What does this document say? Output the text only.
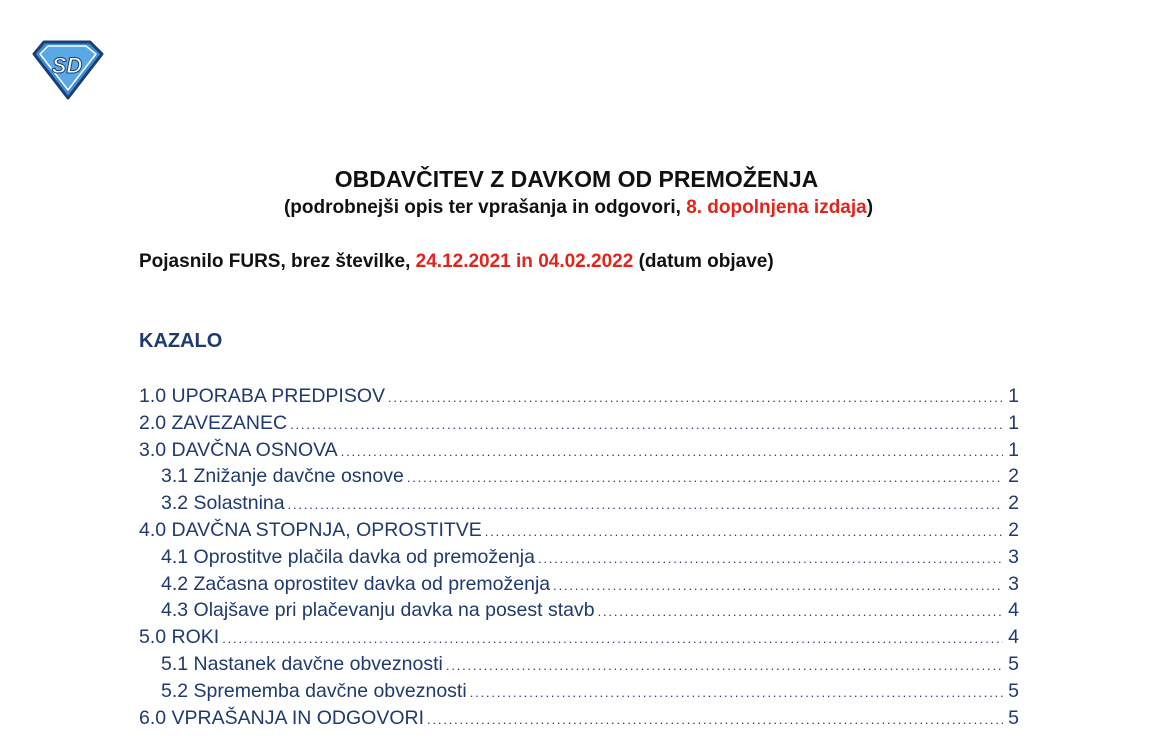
SD
OBDAVČITEV Z DAVKOM OD PREMOŽENJA
(podrobnejši opis ter vprašanja in odgovori, 8. dopolnjena izdaja)
Pojasnilo FURS, brez številke, 24.12.2021 in 04.02.2022 (datum objave)
KAZALO
1.0 UPORABA PREDPISOV .....	1
2.0 ZAVEZANEC .....	1
3.0 DAVČNA OSNOVA .....	1
3.1 Znižanje davčne osnove .....	2
3.2 Solastnina .....	2
4.0 DAVČNA STOPNJA, OPROSTITVE .....	2
4.1 Oprostitve plačila davka od premoženja .....	3
4.2 Začasna oprostitev davka od premoženja .....	3
4.3 Olajšave pri plačevanju davka na posest stavb .....	4
5.0 ROKI .....	4
5.1 Nastanek davčne obveznosti .....	5
5.2 Sprememba davčne obveznosti .....	5
6.0 VPRAŠANJA IN ODGOVORI .....	5
